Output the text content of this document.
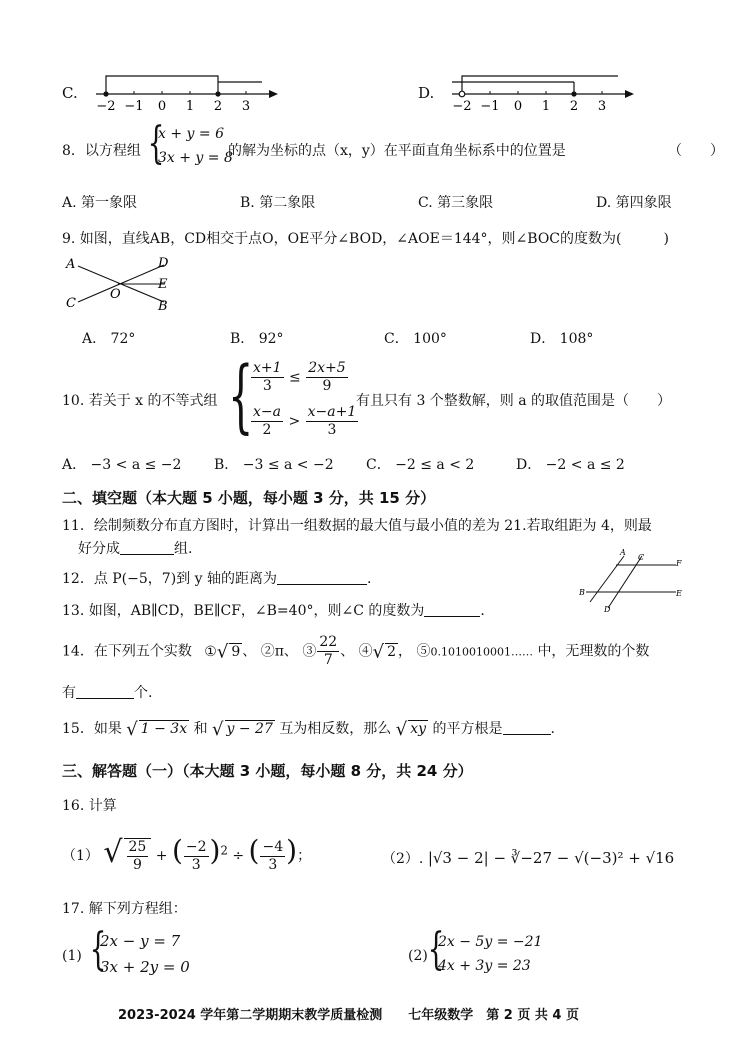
C.
−2 −1 0 1 2 3
D.
−2 −1 0 1 2 3
8．以方程组 {
x + y = 6
3x + y = 8
的解为坐标的点（x，y）在平面直角坐标系中的位置是	（　　）
A. 第一象限	B. 第二象限	C. 第三象限	D. 第四象限
9. 如图，直线AB，CD相交于点O，OE平分∠BOD，∠AOE＝144°，则∠BOC的度数为(　　　)
A
C
D
E
B
O
A． 72°	B． 92°	C． 100°	D． 108°
10. 若关于 x 的不等式组 {
$\frac{x+1}{3} \le \frac{2x+5}{9}$
$\frac{x-a}{2} > \frac{x-a+1}{3}$
有且只有 3 个整数解，则 a 的取值范围是（　　）
A． −3 < a ≤ −2 B． −3 ≤ a < −2 C． −2 ≤ a < 2	D． −2 < a ≤ 2
二、填空题（本大题 5 小题，每小题 3 分，共 15 分）
11．绘制频数分布直方图时，计算出一组数据的最大值与最小值的差为 21.若取组距为 4，则最
好分成	组.	A
C
F
B	E
D
12．点 P(−5，7)到 y 轴的距离为	.
13. 如图，AB∥CD，BE∥CF，∠B=40°，则∠C 的度数为	.
14．在下列五个实数 ①√ 9 、 ②π、 ③ $\frac{22}{7}$ 、 ④√ 2 ， ⑤0.1010010001…… 中，无理数的个数
有	个.
15．如果 √ 1 − 3x 和 √ y − 27 互为相反数，那么 √ xy 的平方根是	.
三、解答题（一）（本大题 3 小题，每小题 8 分，共 24 分）
16. 计算
（1） √ $\frac{25}{9}$ + ( $\frac{-2}{3} )^2$ ÷ ( $\frac{-4}{3}$ )；	（2）. |√3 − 2| − ∛−27 − √(−3)² + √16
17. 解下列方程组：
(1) {
2x − y = 7
3x + 2y = 0
(2) {
2x − 5y = −21
4x + 3y = 23
2023-2024 学年第二学期期末教学质量检测　　七年级数学　第 2 页 共 4 页
